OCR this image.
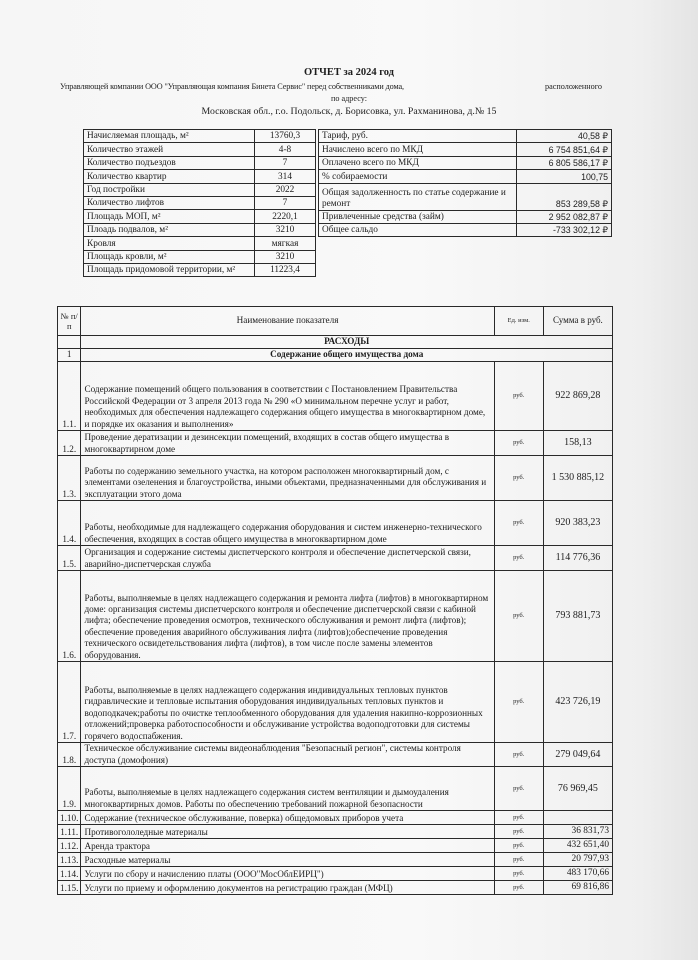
ОТЧЕТ за 2024 год
Управляющей компании ООО "Управляющая компания Бинета Сервис" перед собственниками дома,	расположенного
по адресу:
Московская обл., г.о. Подольск, д. Борисовка, ул. Рахманинова, д.№ 15
Начисляемая площадь, м²	13760,3
Количество этажей	4-8
Количество подъездов	7
Количество квартир	314
Год постройки	2022
Количество лифтов	7
Площадь МОП, м²	2220,1
Плоадь подвалов, м²	3210
Кровля	мягкая
Площадь кровли, м²	3210
Площадь придомовой территории, м²	11223,4
Тариф, руб.	40,58 ₽
Начислено всего по МКД	6 754 851,64 ₽
Оплачено всего по МКД	6 805 586,17 ₽
% собираемости	100,75
Общая задолженность по статье содержание и ремонт	853 289,58 ₽
Привлеченные средства (займ)	2 952 082,87 ₽
Общее сальдо	-733 302,12 ₽
№ п/п	Наименование показателя	Ед. изм.	Сумма в руб.
	РАСХОДЫ		
1	Содержание общего имущества дома		
1.1.	Содержание помещений общего пользования в соответствии с Постановлением Правительства Российской Федерации от 3 апреля 2013 года № 290 «О минимальном перечне услуг и работ, необходимых для обеспечения надлежащего содержания общего имущества в многоквартирном доме, и порядке их оказания и выполнения»	руб.	922 869,28
1.2.	Проведение дератизации и дезинсекции помещений, входящих в состав общего имущества в многоквартирном доме	руб.	158,13
1.3.	Работы по содержанию земельного участка, на котором расположен многоквартирный дом, с элементами озеленения и благоустройства, иными объектами, предназначенными для обслуживания и эксплуатации этого дома	руб.	1 530 885,12
1.4.	Работы, необходимые для надлежащего содержания оборудования и систем инженерно-технического обеспечения, входящих в состав общего имущества в многоквартирном доме	руб.	920 383,23
1.5.	Организация и содержание системы диспетчерского контроля и обеспечение диспетчерской связи, аварийно-диспетчерская служба	руб.	114 776,36
1.6.	Работы, выполняемые в целях надлежащего содержания и ремонта лифта (лифтов) в многоквартирном доме: организация системы диспетчерского контроля и обеспечение диспетчерской связи с кабиной лифта; обеспечение проведения осмотров, технического обслуживания и ремонт лифта (лифтов); обеспечение проведения аварийного обслуживания лифта (лифтов);обеспечение проведения технического освидетельствования лифта (лифтов), в том числе после замены элементов оборудования.	руб.	793 881,73
1.7.	Работы, выполняемые в целях надлежащего содержания индивидуальных тепловых пунктов гидравлические и тепловые испытания оборудования индивидуальных тепловых пунктов и водоподкачек;работы по очистке теплообменного оборудования для удаления накипно-коррозионных отложений;проверка работоспособности и обслуживание устройства водоподготовки для системы горячего водоспабжения.	руб.	423 726,19
1.8.	Техническое обслуживание системы видеонаблюдения "Безопасный регион", системы контроля доступа (домофония)	руб.	279 049,64
1.9.	Работы, выполняемые в целях надлежащего содержания систем вентиляции и дымоудаления многоквартирных домов. Работы по обеспечению требований пожарной безопасности	руб.	76 969,45
1.10.	Содержание (техническое обслуживание, поверка) общедомовых приборов учета	руб.	
1.11.	Противогололедные материалы	руб.	36 831,73
1.12.	Аренда трактора	руб.	432 651,40
1.13.	Расходные материалы	руб.	20 797,93
1.14.	Услуги по сбору и начислению платы (ООО"МосОблЕИРЦ")	руб.	483 170,66
1.15.	Услуги по приему и оформлению документов на регистрацию граждан (МФЦ)	руб.	69 816,86
